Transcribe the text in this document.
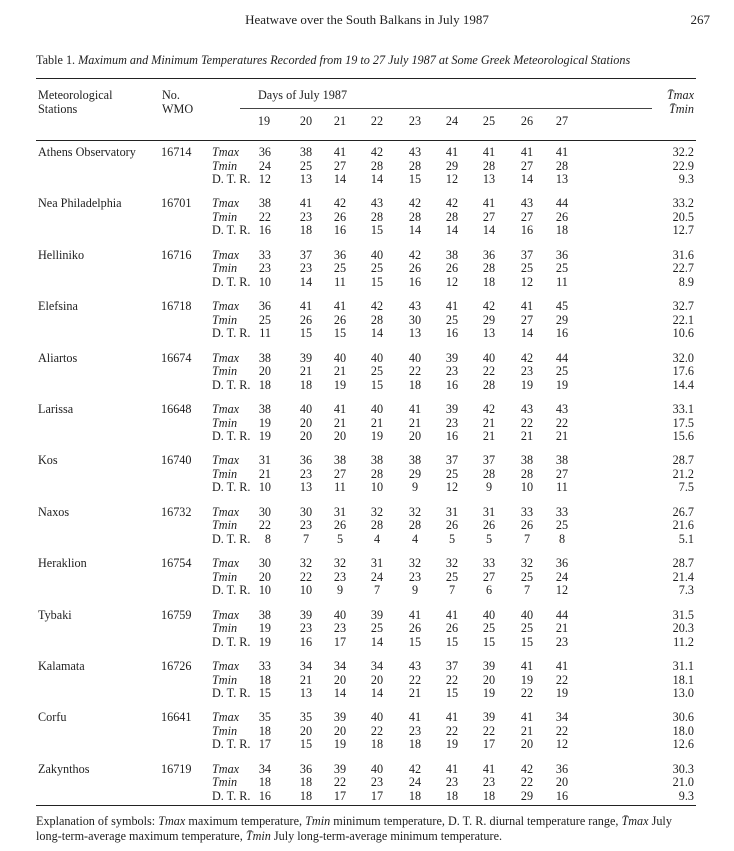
Heatwave over the South Balkans in July 1987	267
Table 1. Maximum and Minimum Temperatures Recorded from 19 to 27 July 1987 at Some Greek Meteorological Stations
Meteorological Stations
No. WMO
Days of July 1987	T̄max T̄min
19	20	21	22	23	24	25	26	27
Athens Observatory 16714 Tmax	36	38	41	42	43	41	41	41	41	32.2
Tmin	24	25	27	28	28	29	28	27	28	22.9
D. T. R. 12	13	14	14	15	12	13	14	13	9.3
Nea Philadelphia	16701 Tmax	38	41	42	43	42	42	41	43	44	33.2
Tmin	22	23	26	28	28	28	27	27	26	20.5
D. T. R. 16	18	16	15	14	14	14	16	18	12.7
Helliniko	16716 Tmax	33	37	36	40	42	38	36	37	36	31.6
Tmin	23	23	25	25	26	26	28	25	25	22.7
D. T. R. 10	14	11	15	16	12	18	12	11	8.9
Elefsina	16718 Tmax	36	41	41	42	43	41	42	41	45	32.7
Tmin	25	26	26	28	30	25	29	27	29	22.1
D. T. R. 11	15	15	14	13	16	13	14	16	10.6
Aliartos	16674 Tmax	38	39	40	40	40	39	40	42	44	32.0
Tmin	20	21	21	25	22	23	22	23	25	17.6
D. T. R. 18	18	19	15	18	16	28	19	19	14.4
Larissa	16648 Tmax	38	40	41	40	41	39	42	43	43	33.1
Tmin	19	20	21	21	21	23	21	22	22	17.5
D. T. R. 19	20	20	19	20	16	21	21	21	15.6
Kos	16740 Tmax	31	36	38	38	38	37	37	38	38	28.7
Tmin	21	23	27	28	29	25	28	28	27	21.2
D. T. R. 10	13	11	10	9	12	9	10	11	7.5
Naxos	16732 Tmax	30	30	31	32	32	31	31	33	33	26.7
Tmin	22	23	26	28	28	26	26	26	25	21.6
D. T. R.	8	7	5	4	4	5	5	7	8	5.1
Heraklion	16754 Tmax	30	32	32	31	32	32	33	32	36	28.7
Tmin	20	22	23	24	23	25	27	25	24	21.4
D. T. R. 10	10	9	7	9	7	6	7	12	7.3
Tybaki	16759 Tmax	38	39	40	39	41	41	40	40	44	31.5
Tmin	19	23	23	25	26	26	25	25	21	20.3
D. T. R. 19	16	17	14	15	15	15	15	23	11.2
Kalamata	16726 Tmax	33	34	34	34	43	37	39	41	41	31.1
Tmin	18	21	20	20	22	22	20	19	22	18.1
D. T. R. 15	13	14	14	21	15	19	22	19	13.0
Corfu	16641 Tmax	35	35	39	40	41	41	39	41	34	30.6
Tmin	18	20	20	22	23	22	22	21	22	18.0
D. T. R. 17	15	19	18	18	19	17	20	12	12.6
Zakynthos	16719 Tmax	34	36	39	40	42	41	41	42	36	30.3
Tmin	18	18	22	23	24	23	23	22	20	21.0
D. T. R. 16	18	17	17	18	18	18	29	16	9.3
Explanation of symbols: Tmax maximum temperature, Tmin minimum temperature, D. T. R. diurnal temperature range, T̄max July long-term-average maximum temperature, T̄min July long-term-average minimum temperature.
